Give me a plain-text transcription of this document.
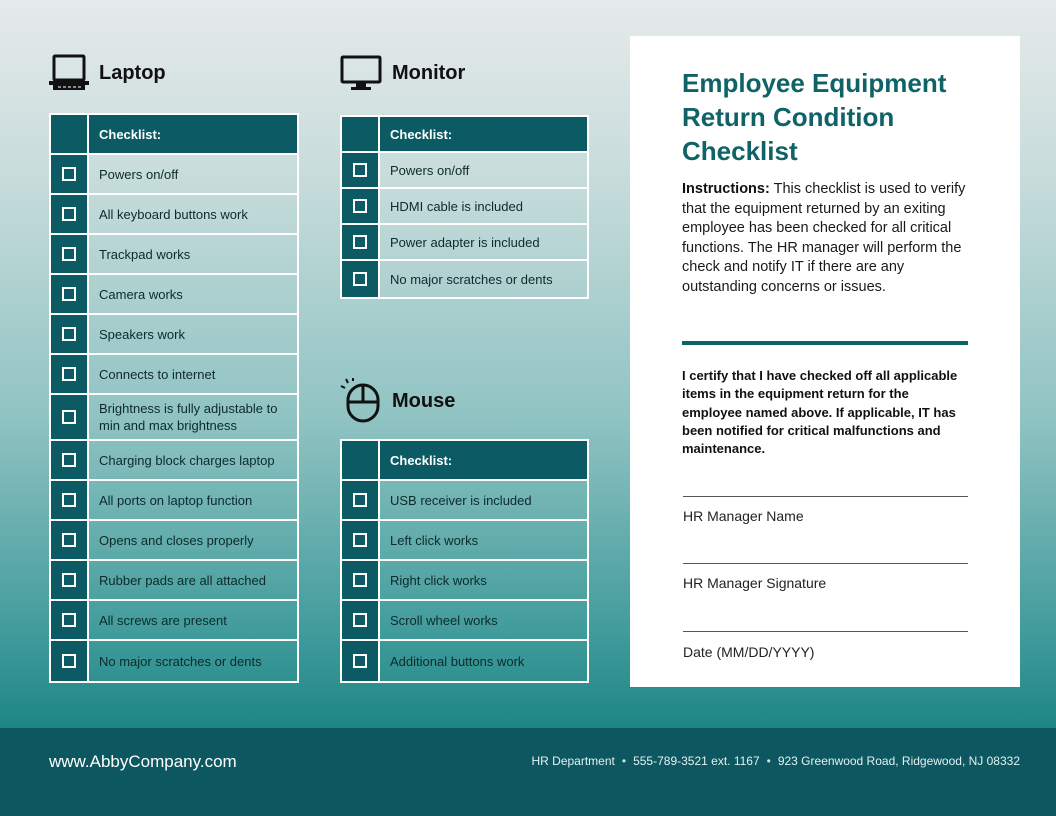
Laptop
Checklist:
Powers on/off
All keyboard buttons work
Trackpad works
Camera works
Speakers work
Connects to internet
Brightness is fully adjustable to min and max brightness
Charging block charges laptop
All ports on laptop function
Opens and closes properly
Rubber pads are all attached
All screws are present
No major scratches or dents
Monitor
Checklist:
Powers on/off
HDMI cable is included
Power adapter is included
No major scratches or dents
Mouse
Checklist:
USB receiver is included
Left click works
Right click works
Scroll wheel works
Additional buttons work
Employee Equipment Return Condition Checklist
Instructions: This checklist is used to verify that the equipment returned by an exiting employee has been checked for all critical functions. The HR manager will perform the check and notify IT if there are any outstanding concerns or issues.
I certify that I have checked off all applicable items in the equipment return for the employee named above. If applicable, IT has been notified for critical malfunctions and maintenance.
HR Manager Name
HR Manager Signature
Date (MM/DD/YYYY)
www.AbbyCompany.com	HR Department • 555-789-3521 ext. 1167 • 923 Greenwood Road, Ridgewood, NJ 08332
